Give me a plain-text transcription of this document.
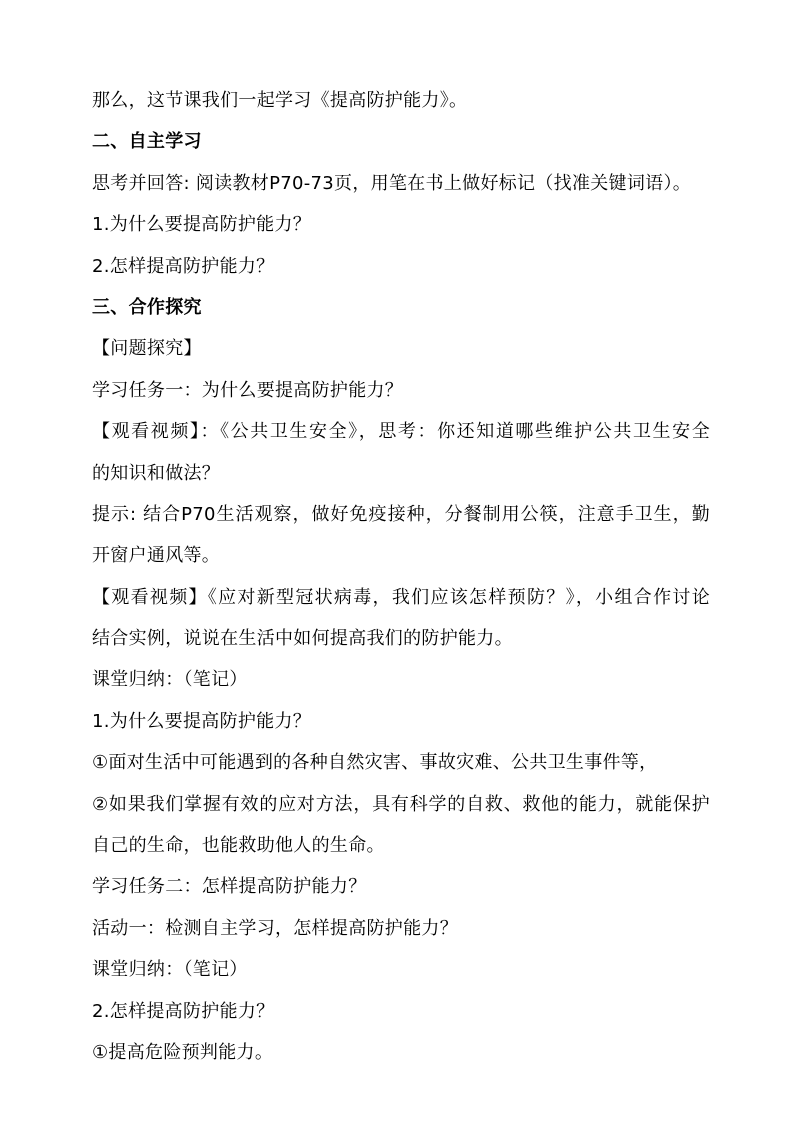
那么，这节课我们一起学习《提高防护能力》。
二、自主学习
思考并回答: 阅读教材P70-73页，用笔在书上做好标记（找准关键词语）。
1.为什么要提高防护能力？
2.怎样提高防护能力？
三、合作探究
【问题探究】
学习任务一：为什么要提高防护能力？
【观看视频】：《公共卫生安全》，思考：你还知道哪些维护公共卫生安全
的知识和做法？
提示: 结合P70生活观察，做好免疫接种，分餐制用公筷，注意手卫生，勤
开窗户通风等。
【观看视频】《应对新型冠状病毒，我们应该怎样预防？》，小组合作讨论
结合实例，说说在生活中如何提高我们的防护能力。
课堂归纳：（笔记）
1.为什么要提高防护能力？
①面对生活中可能遇到的各种自然灾害、事故灾难、公共卫生事件等，
②如果我们掌握有效的应对方法，具有科学的自救、救他的能力，就能保护
自己的生命，也能救助他人的生命。
学习任务二：怎样提高防护能力？
活动一：检测自主学习，怎样提高防护能力？
课堂归纳：（笔记）
2.怎样提高防护能力？
①提高危险预判能力。
